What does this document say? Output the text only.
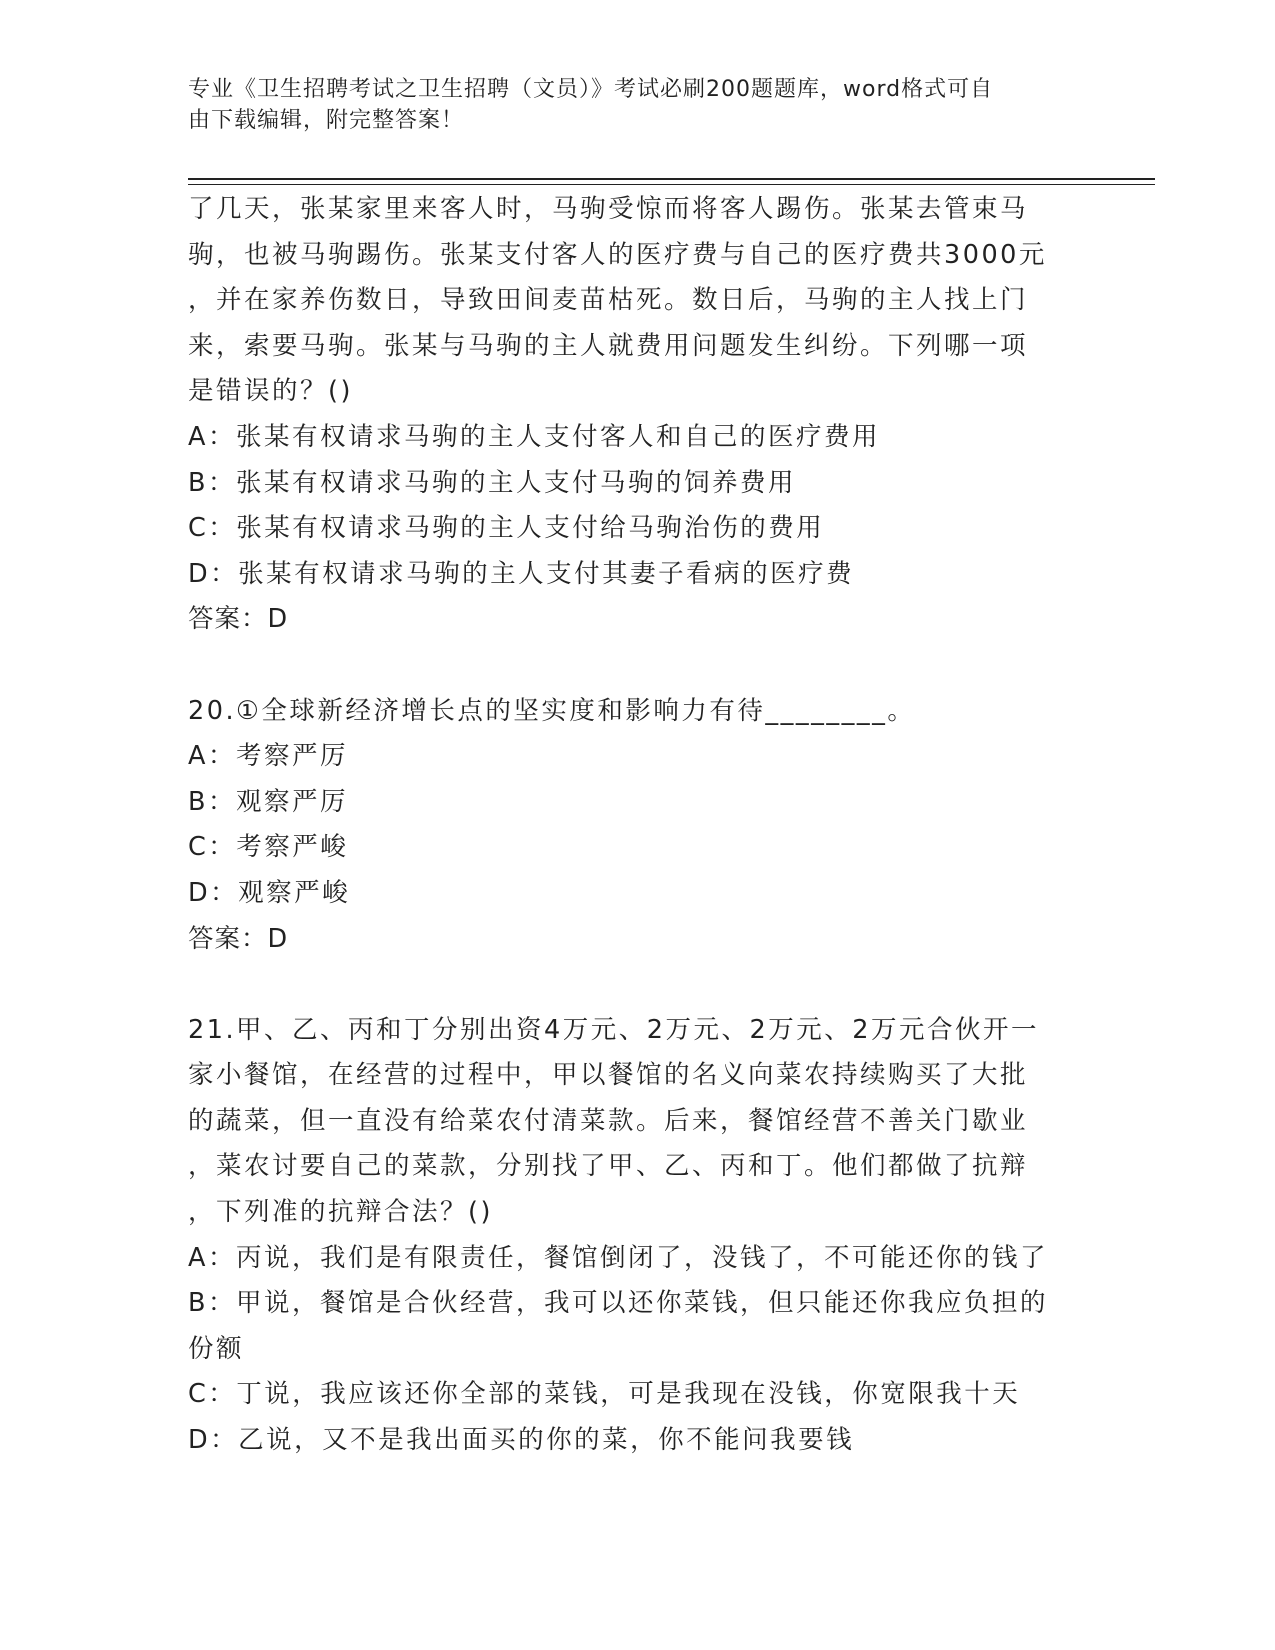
专业《卫生招聘考试之卫生招聘（文员）》考试必刷200题题库，word格式可自
由下载编辑，附完整答案！
了几天，张某家里来客人时，马驹受惊而将客人踢伤。张某去管束马
驹，也被马驹踢伤。张某支付客人的医疗费与自己的医疗费共3000元
，并在家养伤数日，导致田间麦苗枯死。数日后，马驹的主人找上门
来，索要马驹。张某与马驹的主人就费用问题发生纠纷。下列哪一项
是错误的？()
A：张某有权请求马驹的主人支付客人和自己的医疗费用
B：张某有权请求马驹的主人支付马驹的饲养费用
C：张某有权请求马驹的主人支付给马驹治伤的费用
D：张某有权请求马驹的主人支付其妻子看病的医疗费
答案：D
20.①全球新经济增长点的坚实度和影响力有待________。
A：考察严厉
B：观察严厉
C：考察严峻
D：观察严峻
答案：D
21.甲、乙、丙和丁分别出资4万元、2万元、2万元、2万元合伙开一
家小餐馆，在经营的过程中，甲以餐馆的名义向菜农持续购买了大批
的蔬菜，但一直没有给菜农付清菜款。后来，餐馆经营不善关门歇业
，菜农讨要自己的菜款，分别找了甲、乙、丙和丁。他们都做了抗辩
，下列准的抗辩合法？()
A：丙说，我们是有限责任，餐馆倒闭了，没钱了，不可能还你的钱了
B：甲说，餐馆是合伙经营，我可以还你菜钱，但只能还你我应负担的
份额
C：丁说，我应该还你全部的菜钱，可是我现在没钱，你宽限我十天
D：乙说，又不是我出面买的你的菜，你不能问我要钱
